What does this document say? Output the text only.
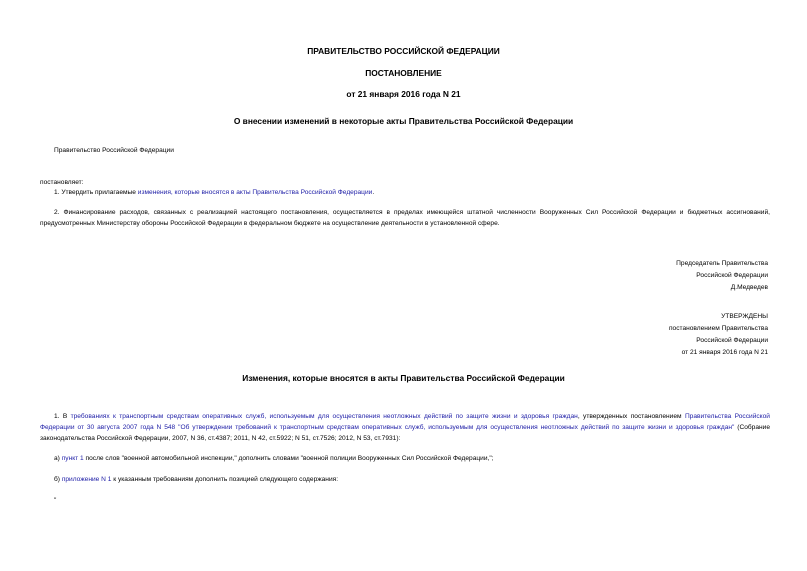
ПРАВИТЕЛЬСТВО РОССИЙСКОЙ ФЕДЕРАЦИИ
ПОСТАНОВЛЕНИЕ
от 21 января 2016 года N 21
О внесении изменений в некоторые акты Правительства Российской Федерации
Правительство Российской Федерации
постановляет:
1. Утвердить прилагаемые изменения, которые вносятся в акты Правительства Российской Федерации.
2. Финансирование расходов, связанных с реализацией настоящего постановления, осуществляется в пределах имеющейся штатной численности Вооруженных Сил Российской Федерации и бюджетных ассигнований, предусмотренных Министерству обороны Российской Федерации в федеральном бюджете на осуществление деятельности в установленной сфере.
Председатель Правительства
Российской Федерации
Д.Медведев
УТВЕРЖДЕНЫ
постановлением Правительства
Российской Федерации
от 21 января 2016 года N 21
Изменения, которые вносятся в акты Правительства Российской Федерации
1. В требованиях к транспортным средствам оперативных служб, используемым для осуществления неотложных действий по защите жизни и здоровья граждан, утвержденных постановлением Правительства Российской Федерации от 30 августа 2007 года N 548 "Об утверждении требований к транспортным средствам оперативных служб, используемым для осуществления неотложных действий по защите жизни и здоровья граждан" (Собрание законодательства Российской Федерации, 2007, N 36, ст.4387; 2011, N 42, ст.5922; N 51, ст.7526; 2012, N 53, ст.7931):
а) пункт 1 после слов "военной автомобильной инспекции," дополнить словами "военной полиции Вооруженных Сил Российской Федерации,";
б) приложение N 1 к указанным требованиям дополнить позицией следующего содержания:
"
